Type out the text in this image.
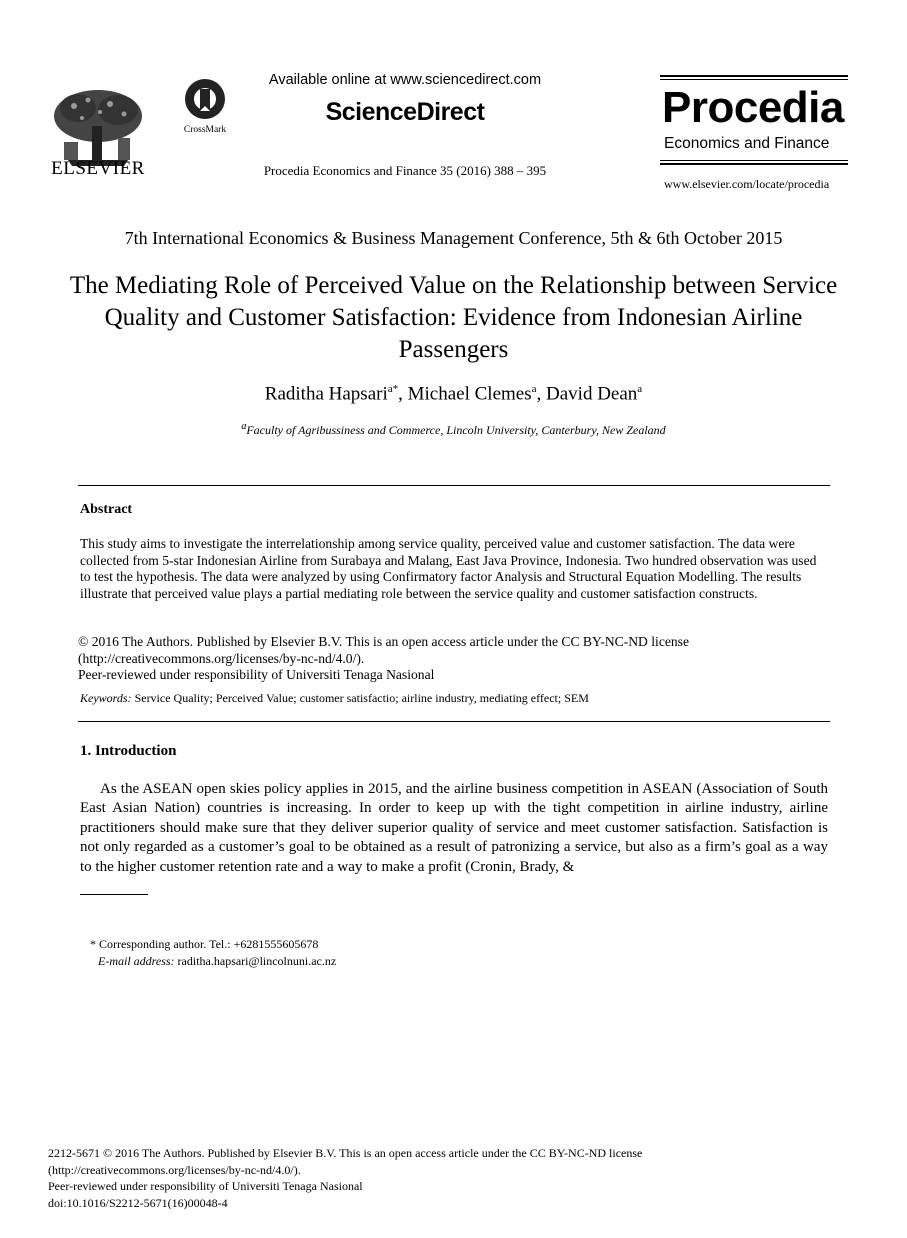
ELSEVIER
CrossMark
Available online at www.sciencedirect.com
ScienceDirect
Procedia Economics and Finance 35 (2016) 388 – 395
Procedia
Economics and Finance
www.elsevier.com/locate/procedia
7th International Economics & Business Management Conference, 5th & 6th October 2015
The Mediating Role of Perceived Value on the Relationship between Service Quality and Customer Satisfaction: Evidence from Indonesian Airline Passengers
Raditha Hapsari$^{a*}$, Michael Clemes$^a$, David Dean$^a$
$^a$Faculty of Agribussiness and Commerce, Lincoln University, Canterbury, New Zealand
Abstract
This study aims to investigate the interrelationship among service quality, perceived value and customer satisfaction. The data were collected from 5-star Indonesian Airline from Surabaya and Malang, East Java Province, Indonesia. Two hundred observation was used to test the hypothesis. The data were analyzed by using Confirmatory factor Analysis and Structural Equation Modelling. The results illustrate that perceived value plays a partial mediating role between the service quality and customer satisfaction constructs.
© 2016 The Authors. Published by Elsevier B.V. This is an open access article under the CC BY-NC-ND license
(http://creativecommons.org/licenses/by-nc-nd/4.0/).
Peer-reviewed under responsibility of Universiti Tenaga Nasional
Keywords: Service Quality; Perceived Value; customer satisfactio; airline industry, mediating effect; SEM
1. Introduction
As the ASEAN open skies policy applies in 2015, and the airline business competition in ASEAN (Association of South East Asian Nation) countries is increasing. In order to keep up with the tight competition in airline industry, airline practitioners should make sure that they deliver superior quality of service and meet customer satisfaction. Satisfaction is not only regarded as a customer’s goal to be obtained as a result of patronizing a service, but also as a firm’s goal as a way to the higher customer retention rate and a way to make a profit (Cronin, Brady, &
* Corresponding author. Tel.: +6281555605678
E-mail address: raditha.hapsari@lincolnuni.ac.nz
2212-5671 © 2016 The Authors. Published by Elsevier B.V. This is an open access article under the CC BY-NC-ND license
(http://creativecommons.org/licenses/by-nc-nd/4.0/).
Peer-reviewed under responsibility of Universiti Tenaga Nasional
doi:10.1016/S2212-5671(16)00048-4
